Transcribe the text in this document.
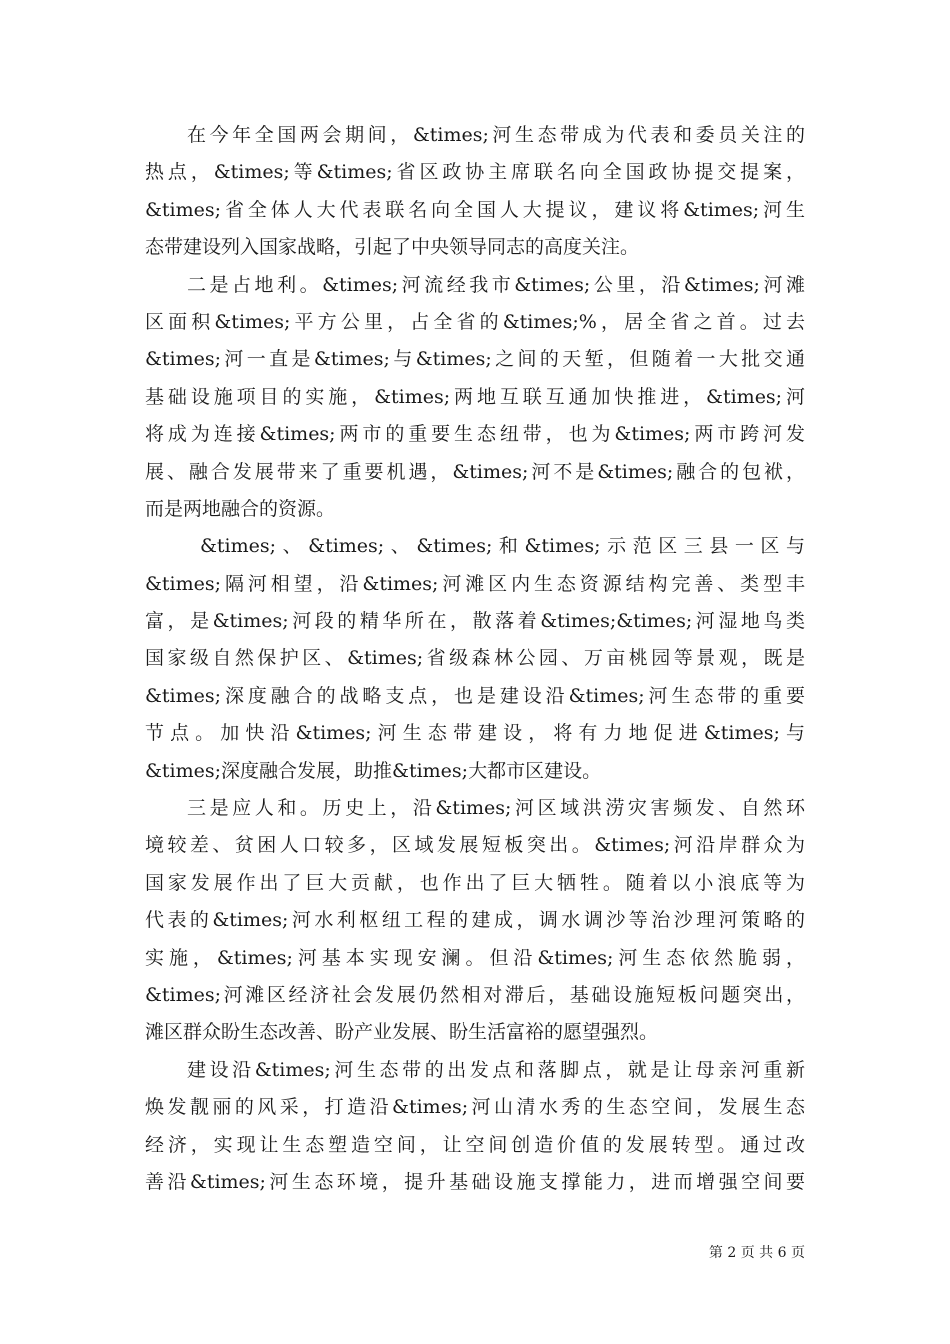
在今年全国两会期间，&times;河生态带成为代表和委员关注的
热点，&times;等&times;省区政协主席联名向全国政协提交提案，
&times;省全体人大代表联名向全国人大提议，建议将&times;河生
态带建设列入国家战略，引起了中央领导同志的高度关注。
二是占地利。&times;河流经我市&times;公里，沿&times;河滩
区面积&times;平方公里，占全省的&times;%，居全省之首。过去
&times;河一直是&times;与&times;之间的天堑，但随着一大批交通
基础设施项目的实施，&times;两地互联互通加快推进，&times;河
将成为连接&times;两市的重要生态纽带，也为&times;两市跨河发
展、融合发展带来了重要机遇，&times;河不是&times;融合的包袱，
而是两地融合的资源。
&times;、&times;、&times;和&times;示范区三县一区与
&times;隔河相望，沿&times;河滩区内生态资源结构完善、类型丰
富，是&times;河段的精华所在，散落着&times;&times;河湿地鸟类
国家级自然保护区、&times;省级森林公园、万亩桃园等景观，既是
&times;深度融合的战略支点，也是建设沿&times;河生态带的重要
节点。加快沿&times;河生态带建设，将有力地促进&times;与
&times;深度融合发展，助推&times;大都市区建设。
三是应人和。历史上，沿&times;河区域洪涝灾害频发、自然环
境较差、贫困人口较多，区域发展短板突出。&times;河沿岸群众为
国家发展作出了巨大贡献，也作出了巨大牺牲。随着以小浪底等为
代表的&times;河水利枢纽工程的建成，调水调沙等治沙理河策略的
实施，&times;河基本实现安澜。但沿&times;河生态依然脆弱，
&times;河滩区经济社会发展仍然相对滞后，基础设施短板问题突出，
滩区群众盼生态改善、盼产业发展、盼生活富裕的愿望强烈。
建设沿&times;河生态带的出发点和落脚点，就是让母亲河重新
焕发靓丽的风采，打造沿&times;河山清水秀的生态空间，发展生态
经济，实现让生态塑造空间，让空间创造价值的发展转型。通过改
善沿&times;河生态环境，提升基础设施支撑能力，进而增强空间要
第 2 页 共 6 页
